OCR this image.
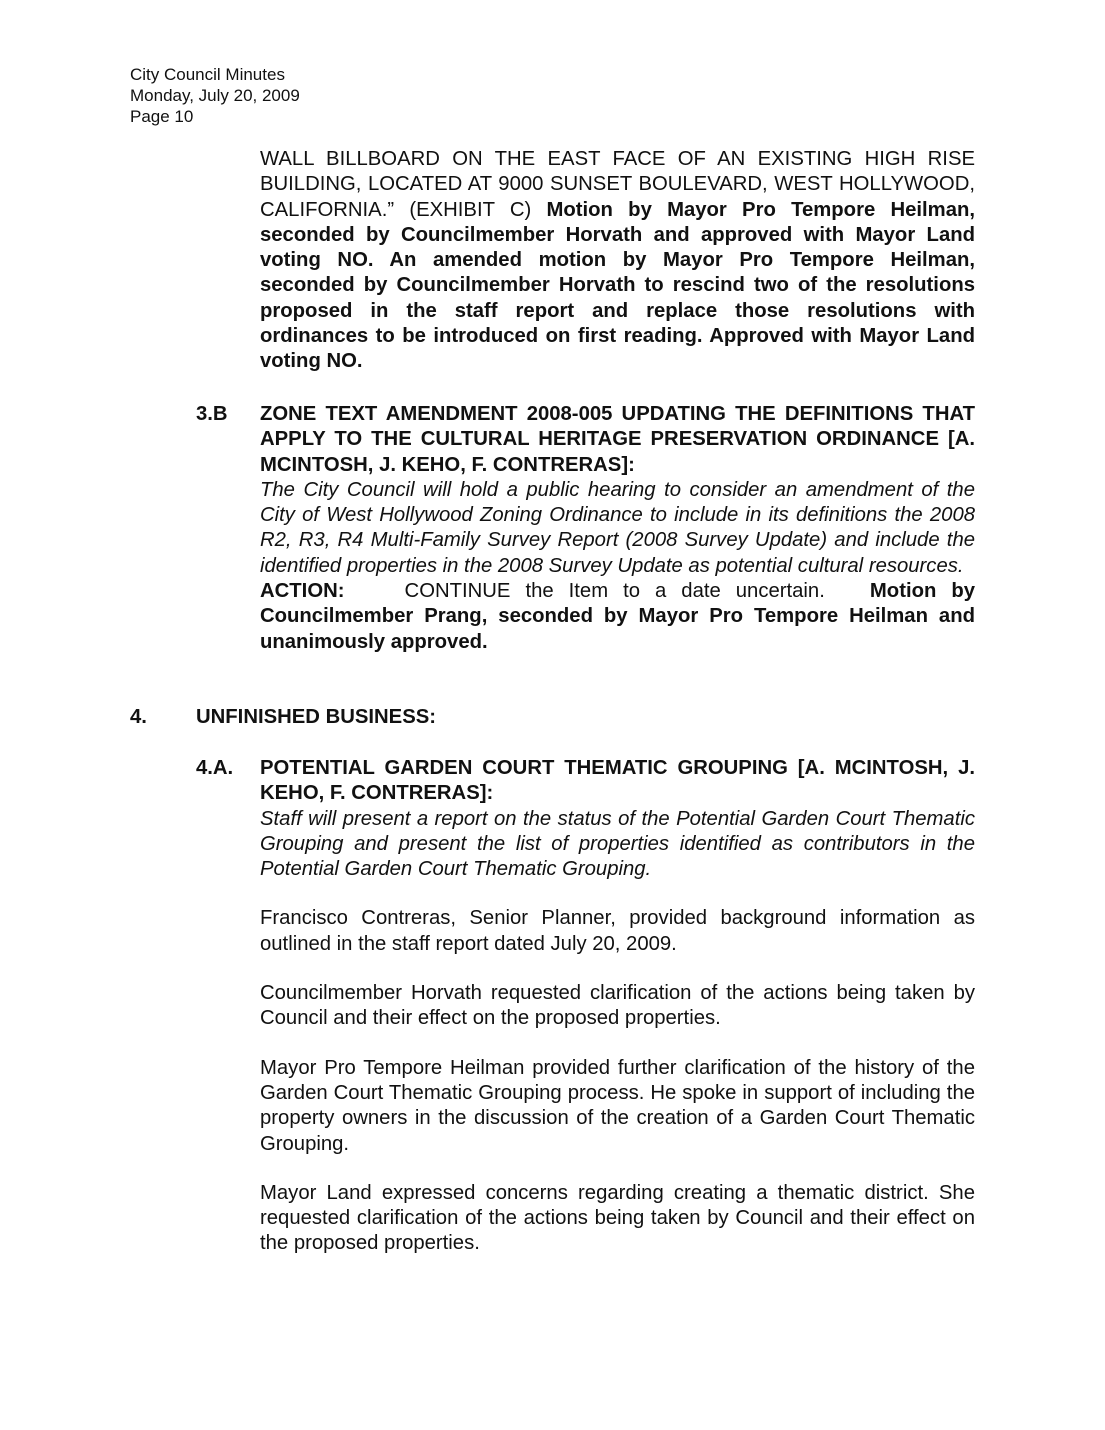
City Council Minutes
Monday, July 20, 2009
Page 10
WALL BILLBOARD ON THE EAST FACE OF AN EXISTING HIGH RISE BUILDING, LOCATED AT 9000 SUNSET BOULEVARD, WEST HOLLYWOOD, CALIFORNIA.” (EXHIBIT C) Motion by Mayor Pro Tempore Heilman, seconded by Councilmember Horvath and approved with Mayor Land voting NO. An amended motion by Mayor Pro Tempore Heilman, seconded by Councilmember Horvath to rescind two of the resolutions proposed in the staff report and replace those resolutions with ordinances to be introduced on first reading. Approved with Mayor Land voting NO.
3.B ZONE TEXT AMENDMENT 2008-005 UPDATING THE DEFINITIONS THAT APPLY TO THE CULTURAL HERITAGE PRESERVATION ORDINANCE [A. MCINTOSH, J. KEHO, F. CONTRERAS]:
The City Council will hold a public hearing to consider an amendment of the City of West Hollywood Zoning Ordinance to include in its definitions the 2008 R2, R3, R4 Multi-Family Survey Report (2008 Survey Update) and include the identified properties in the 2008 Survey Update as potential cultural resources.
ACTION:	CONTINUE the Item to a date uncertain. Motion by Councilmember Prang, seconded by Mayor Pro Tempore Heilman and unanimously approved.
4. UNFINISHED BUSINESS:
4.A. POTENTIAL GARDEN COURT THEMATIC GROUPING [A. MCINTOSH, J. KEHO, F. CONTRERAS]:
Staff will present a report on the status of the Potential Garden Court Thematic Grouping and present the list of properties identified as contributors in the Potential Garden Court Thematic Grouping.
Francisco Contreras, Senior Planner, provided background information as outlined in the staff report dated July 20, 2009.
Councilmember Horvath requested clarification of the actions being taken by Council and their effect on the proposed properties.
Mayor Pro Tempore Heilman provided further clarification of the history of the Garden Court Thematic Grouping process. He spoke in support of including the property owners in the discussion of the creation of a Garden Court Thematic Grouping.
Mayor Land expressed concerns regarding creating a thematic district. She requested clarification of the actions being taken by Council and their effect on the proposed properties.
